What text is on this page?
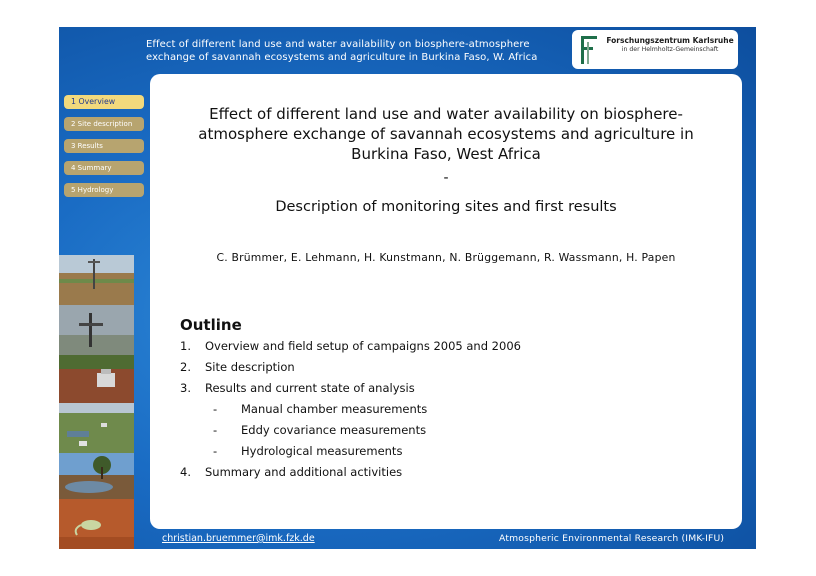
Effect of different land use and water availability on biosphere-atmosphere
exchange of savannah ecosystems and agriculture in Burkina Faso, W. Africa
Forschungszentrum Karlsruhe
in der Helmholtz-Gemeinschaft
1 Overview
2 Site description
3 Results
4 Summary
5 Hydrology
Effect of different land use and water availability on biosphere-
atmosphere exchange of savannah ecosystems and agriculture in
Burkina Faso, West Africa
-
Description of monitoring sites and first results
C. Brümmer, E. Lehmann, H. Kunstmann, N. Brüggemann, R. Wassmann, H. Papen
Outline
1. Overview and field setup of campaigns 2005 and 2006
2. Site description
3. Results and current state of analysis
- Manual chamber measurements
- Eddy covariance measurements
- Hydrological measurements
4. Summary and additional activities
christian.bruemmer@imk.fzk.de	Atmospheric Environmental Research (IMK-IFU)
